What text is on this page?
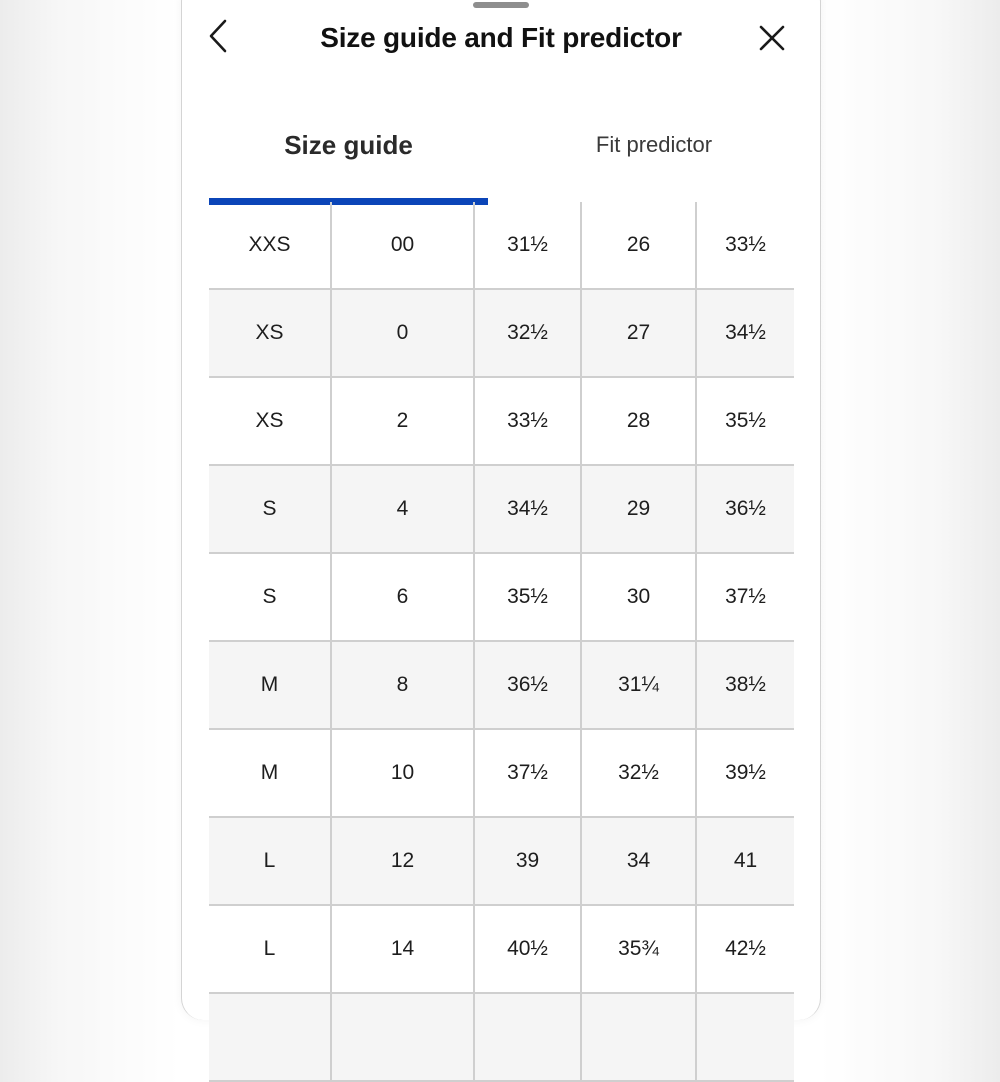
Size guide and Fit predictor
Size guide	Fit predictor
XXS	00	31½	26	33½
XS	0	32½	27	34½
XS	2	33½	28	35½
S	4	34½	29	36½
S	6	35½	30	37½
M	8	36½	31¼	38½
M	10	37½	32½	39½
L	12	39	34	41
L	14	40½	35¾	42½
